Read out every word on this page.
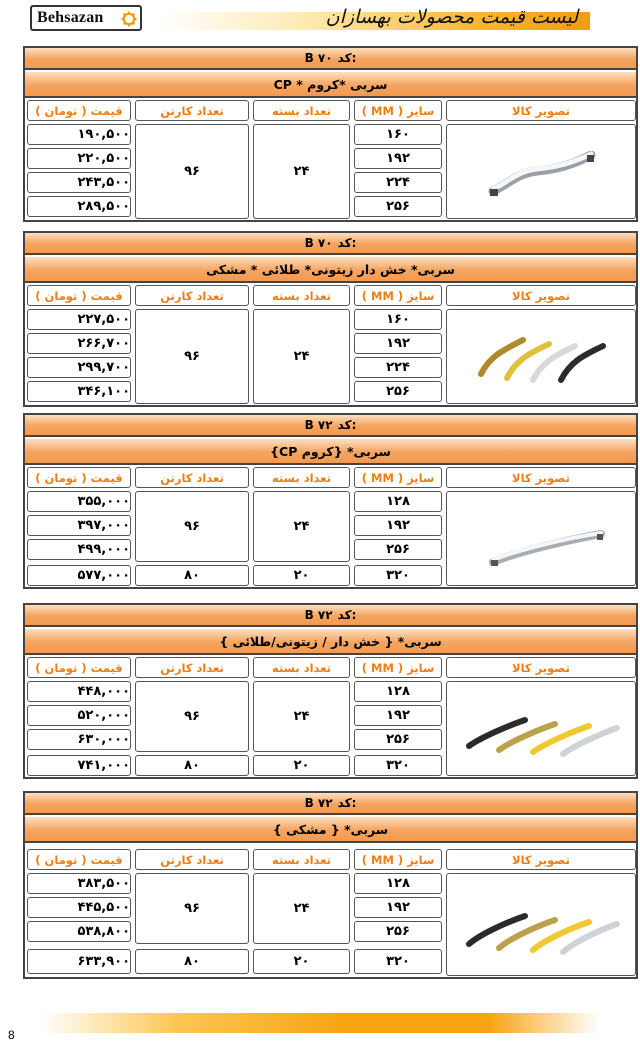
Behsazan	لیست قیمت محصولات بهسازان
B ۷۰
کد:
سربی *کروم * CP
تصویر کالا
سایز ( MM )
تعداد بسته
تعداد کارتن
قیمت ( تومان )
۱۶۰
۱۹۲
۲۲۴
۲۵۶
۲۴
۹۶
۱۹۰,۵۰۰
۲۲۰,۵۰۰
۲۴۳,۵۰۰
۲۸۹,۵۰۰
B ۷۰
کد:
سربی* خش دار زیتونی* طلائی * مشکی
تصویر کالا
سایز ( MM )
تعداد بسته
تعداد کارتن
قیمت ( تومان )
۱۶۰
۱۹۲
۲۲۴
۲۵۶
۲۴
۹۶
۲۲۷,۵۰۰
۲۶۶,۷۰۰
۲۹۹,۷۰۰
۳۴۶,۱۰۰
B ۷۲
کد:
سربی* {کروم CP}
تصویر کالا
سایز ( MM )
تعداد بسته
تعداد کارتن
قیمت ( تومان )
۱۲۸
۱۹۲
۲۵۶
۳۲۰
۲۴
۹۶
۲۰
۸۰
۳۵۵,۰۰۰
۳۹۷,۰۰۰
۴۹۹,۰۰۰
۵۷۷,۰۰۰
B ۷۲
کد:
سربی* { خش دار / زیتونی/طلائی }
تصویر کالا
سایز ( MM )
تعداد بسته
تعداد کارتن
قیمت ( تومان )
۱۲۸
۱۹۲
۲۵۶
۳۲۰
۲۴
۹۶
۲۰
۸۰
۴۴۸,۰۰۰
۵۲۰,۰۰۰
۶۳۰,۰۰۰
۷۴۱,۰۰۰
B ۷۲
کد:
سربی* { مشکی }
تصویر کالا
سایز ( MM )
تعداد بسته
تعداد کارتن
قیمت ( تومان )
۱۲۸
۱۹۲
۲۵۶
۳۲۰
۲۴
۹۶
۲۰
۸۰
۳۸۳,۵۰۰
۴۴۵,۵۰۰
۵۳۸,۸۰۰
۶۳۳,۹۰۰
8
